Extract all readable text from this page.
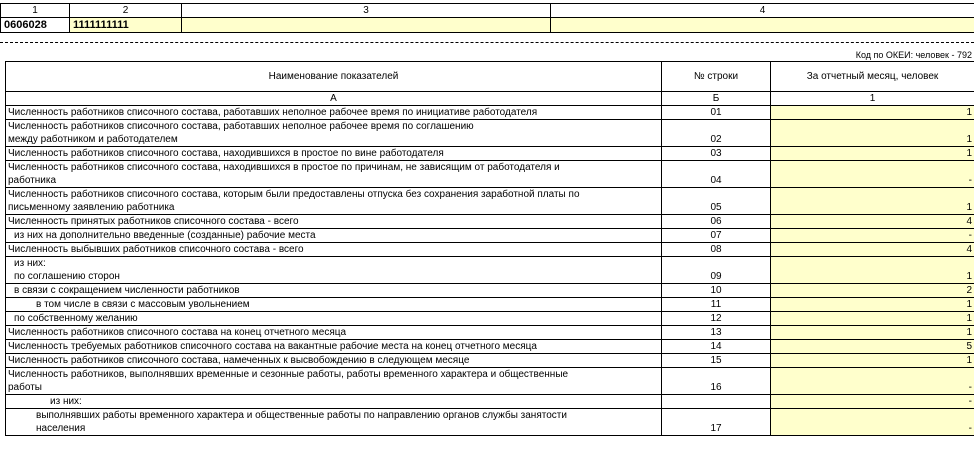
1	2	3	4
0606028	1111111111		
Код по ОКЕИ: человек - 792
Наименование показателей	№ строки	За отчетный месяц, человек
А	Б	1
Численность работников списочного состава, работавших неполное рабочее время по инициативе работодателя	01	1

Численность работников списочного состава, работавших неполное рабочее время по соглашению
между работником и работодателем	02	1
Численность работников списочного состава, находившихся в простое по вине работодателя	03	1

Численность работников списочного состава, находившихся в простое по причинам, не зависящим от работодателя и
работника	04	-

Численность работников списочного состава, которым были предоставлены отпуска без сохранения заработной платы по
письменному заявлению работника	05	1
Численность принятых работников списочного состава - всего	06	4
из них на дополнительно введенные (созданные) рабочие места	07	-
Численность выбывших работников списочного состава - всего	08	4

из них:
по соглашению сторон	09	1
в связи с сокращением численности работников	10	2
в том числе в связи с массовым увольнением	11	1
по собственному желанию	12	1
Численность работников списочного состава на конец отчетного месяца	13	1
Численность требуемых работников списочного состава на вакантные рабочие места на конец отчетного месяца	14	5
Численность работников списочного состава, намеченных к высвобождению в следующем месяце	15	1

Численность работников, выполнявших временные и сезонные работы, работы временного характера и общественные
работы	16	-
из них:		-

выполнявших работы временного характера и общественные работы по направлению органов службы занятости
населения	17	-
